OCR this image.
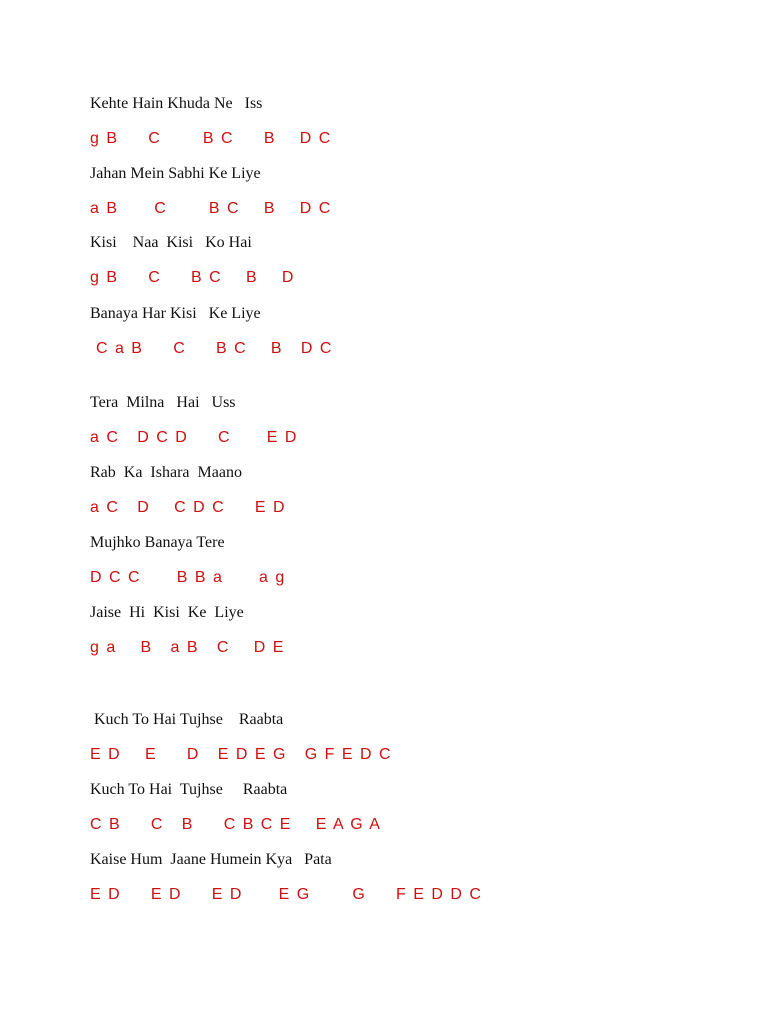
Kehte Hain Khuda Ne   Iss

g B     C       B C     B    D C

Jahan Mein Sabhi Ke Liye

a B      C       B C    B    D C

Kisi    Naa  Kisi   Ko Hai

g B     C     B C    B    D

Banaya Har Kisi   Ke Liye

C a B     C     B C    B   D C

Tera  Milna   Hai   Uss

a C   D C D     C      E D

Rab  Ka  Ishara  Maano

a C   D    C D C     E D

Mujhko Banaya Tere

D C C      B B a      a g

Jaise  Hi  Kisi  Ke  Liye

g a    B   a B   C    D E

Kuch To Hai Tujhse    Raabta

E D    E     D   E D E G   G F E D C

Kuch To Hai  Tujhse     Raabta

C B     C   B     C B C E    E A G A

Kaise Hum  Jaane Humein Kya   Pata

E D     E D     E D      E G       G     F E D D C
